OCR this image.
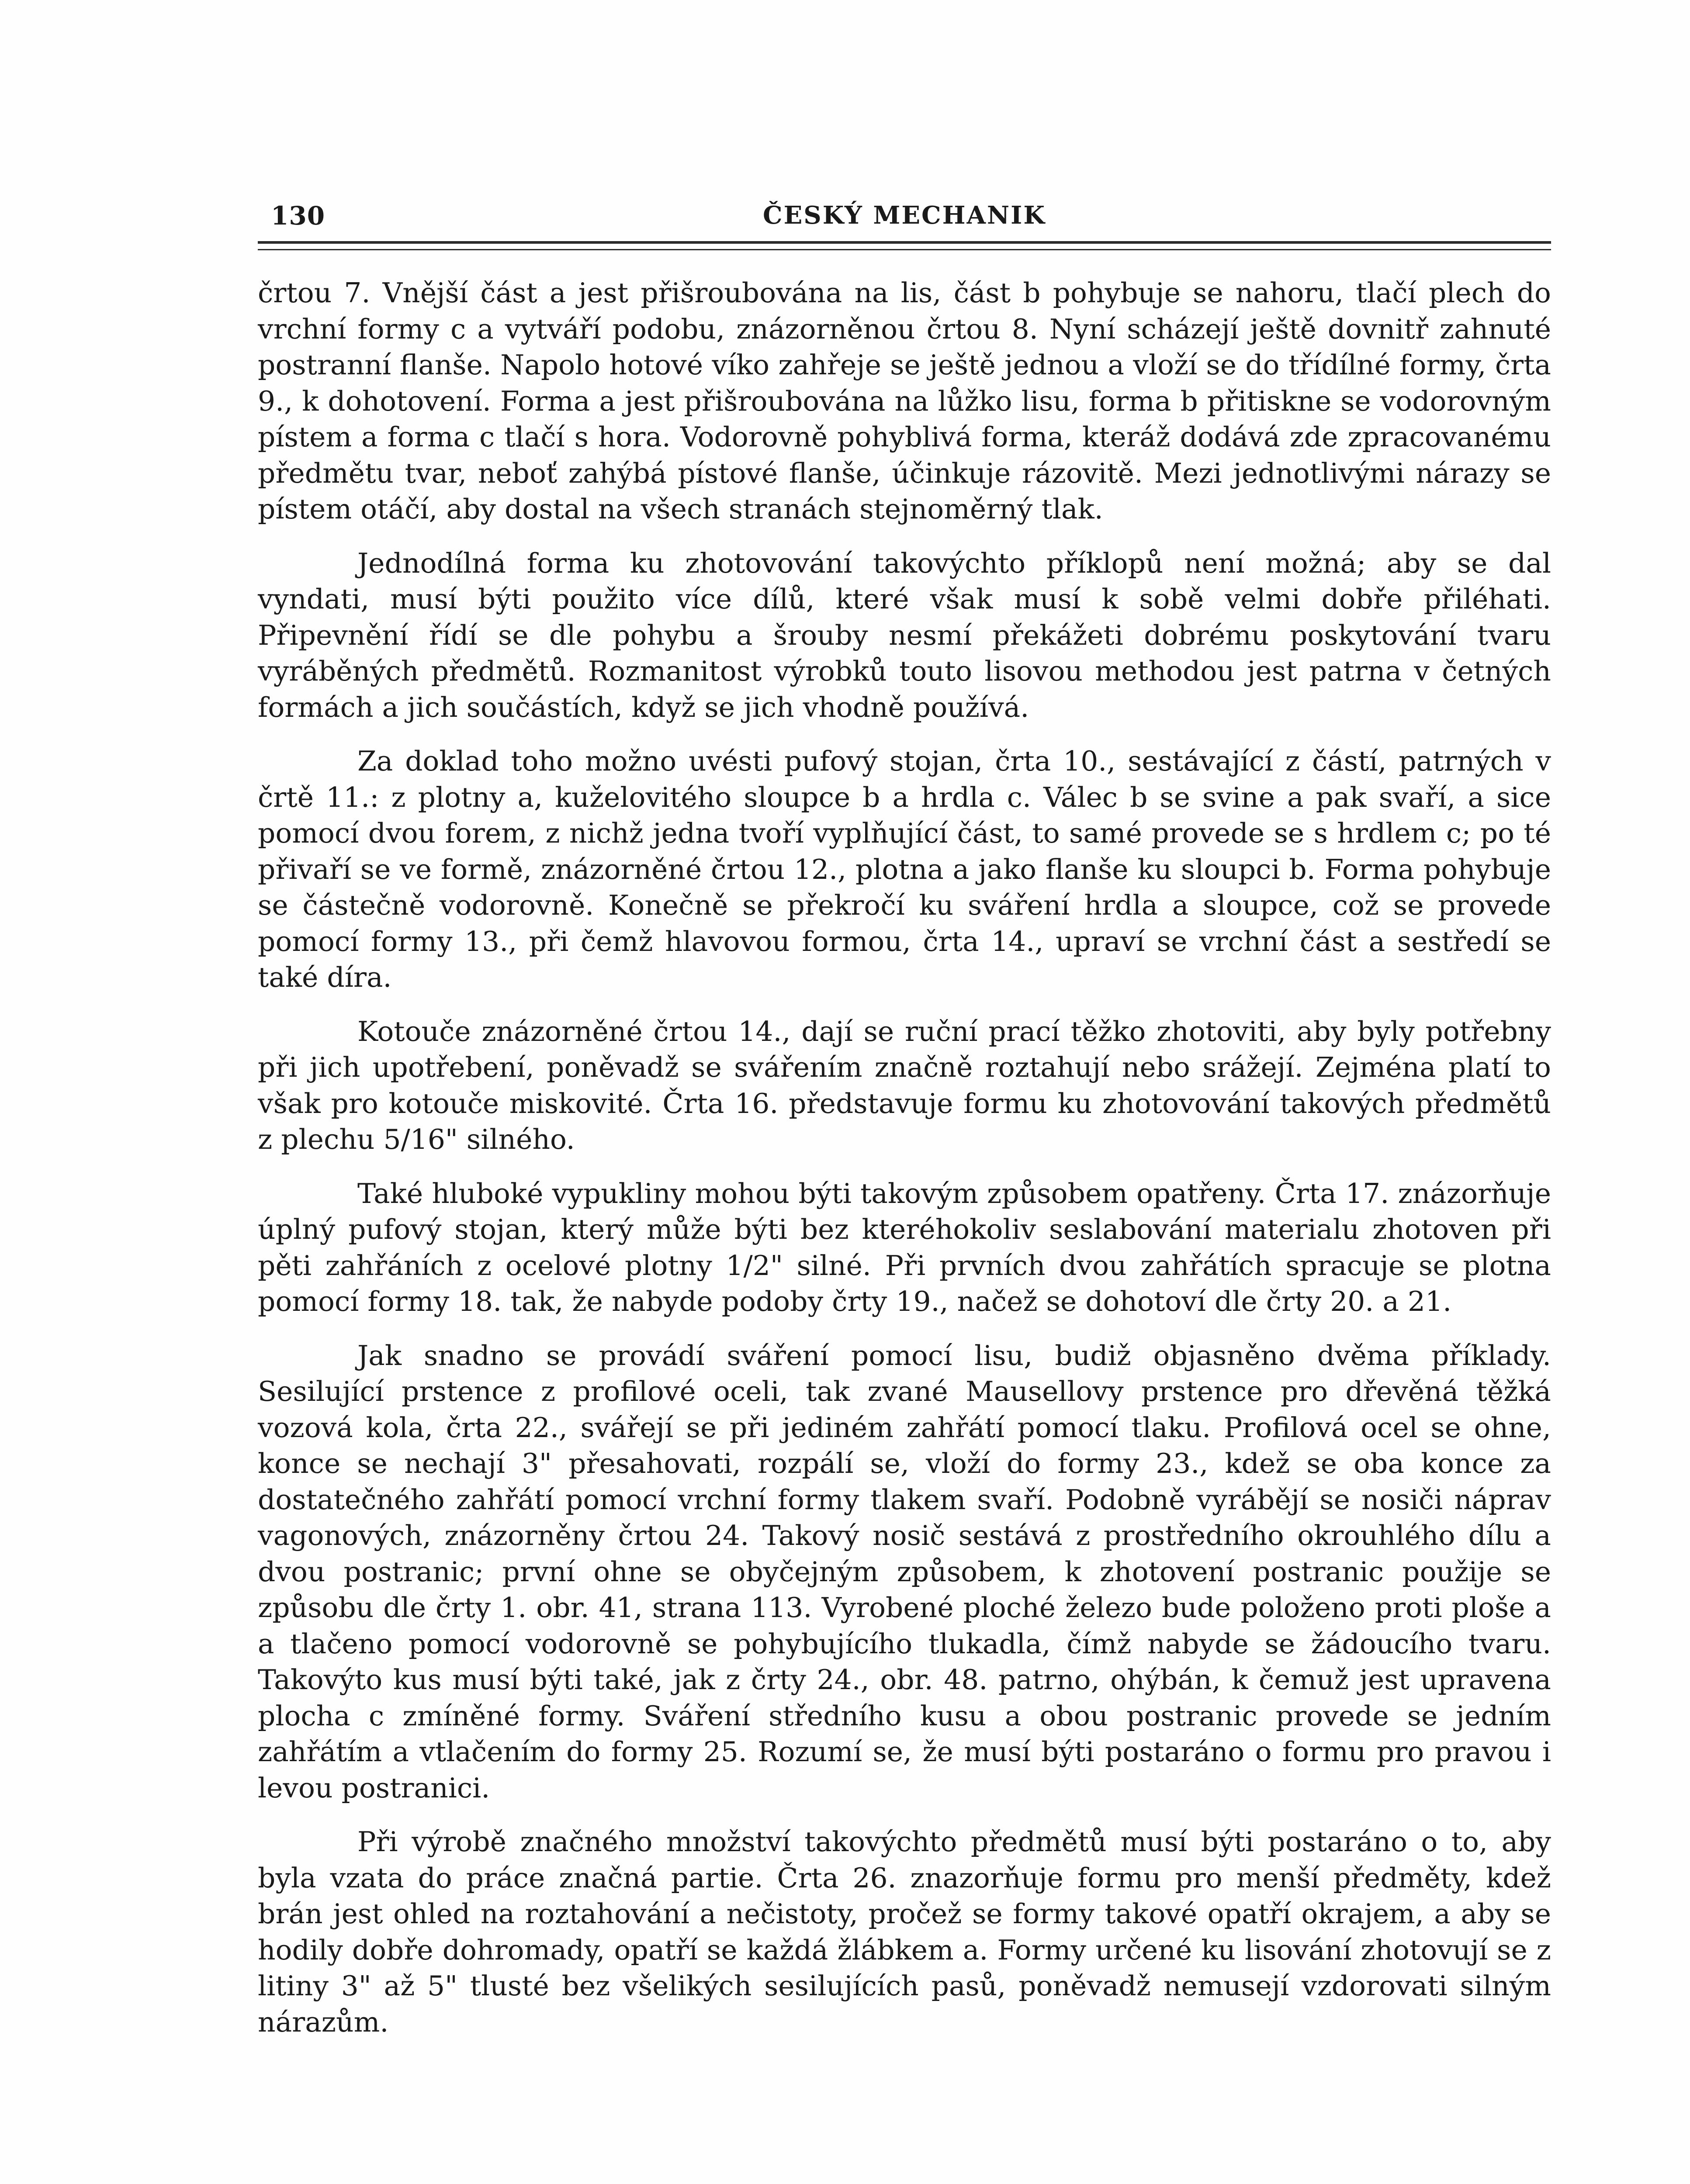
130	ČESKÝ MECHANIK

črtou 7. Vnější část a jest přišroubována na lis, část b pohybuje se nahoru, tlačí plech do vrchní formy c a vytváří podobu, znázorněnou črtou 8. Nyní scházejí ještě dovnitř zahnuté postranní flanše. Napolo hotové víko zahřeje se ještě jednou a vloží se do třídílné formy, črta 9., k dohotovení. Forma a jest přišroubována na lůžko lisu, forma b přitiskne se vodorovným pístem a forma c tlačí s hora. Vodorovně pohyblivá forma, kteráž dodává zde zpracovanému předmětu tvar, neboť zahýbá pístové flanše, účinkuje rázovitě. Mezi jednotlivými nárazy se pístem otáčí, aby dostal na všech stranách stejnoměrný tlak.

Jednodílná forma ku zhotovování takovýchto příklopů není možná; aby se dal vyndati, musí býti použito více dílů, které však musí k sobě velmi dobře přiléhati. Připevnění řídí se dle pohybu a šrouby nesmí překážeti dobrému poskytování tvaru vyráběných předmětů. Rozmanitost výrobků touto lisovou methodou jest patrna v četných formách a jich součástích, když se jich vhodně používá.

Za doklad toho možno uvésti pufový stojan, črta 10., sestávající z částí, patrných v črtě 11.: z plotny a, kuželovitého sloupce b a hrdla c. Válec b se svine a pak svaří, a sice pomocí dvou forem, z nichž jedna tvoří vyplňující část, to samé provede se s hrdlem c; po té přivaří se ve formě, znázorněné črtou 12., plotna a jako flanše ku sloupci b. Forma pohybuje se částečně vodorovně. Konečně se překročí ku sváření hrdla a sloupce, což se provede pomocí formy 13., při čemž hlavovou formou, črta 14., upraví se vrchní část a sestředí se také díra.

Kotouče znázorněné črtou 14., dají se ruční prací těžko zhotoviti, aby byly potřebny při jich upotřebení, poněvadž se svářením značně roztahují nebo srážejí. Zejména platí to však pro kotouče miskovité. Črta 16. představuje formu ku zhotovování takových předmětů z plechu 5/16" silného.

Také hluboké vypukliny mohou býti takovým způsobem opatřeny. Črta 17. znázorňuje úplný pufový stojan, který může býti bez kteréhokoliv seslabování materialu zhotoven při pěti zahřáních z ocelové plotny 1/2" silné. Při prvních dvou zahřátích spracuje se plotna pomocí formy 18. tak, že nabyde podoby črty 19., načež se dohotoví dle črty 20. a 21.

Jak snadno se provádí sváření pomocí lisu, budiž objasněno dvěma příklady. Sesilující prstence z profilové oceli, tak zvané Mausellovy prstence pro dřevěná těžká vozová kola, črta 22., svářejí se při jediném zahřátí pomocí tlaku. Profilová ocel se ohne, konce se nechají 3" přesahovati, rozpálí se, vloží do formy 23., kdež se oba konce za dostatečného zahřátí pomocí vrchní formy tlakem svaří. Podobně vyrábějí se nosiči náprav vagonových, znázorněny črtou 24. Takový nosič sestává z prostředního okrouhlého dílu a dvou postranic; první ohne se obyčejným způsobem, k zhotovení postranic použije se způsobu dle črty 1. obr. 41, strana 113. Vyrobené ploché železo bude položeno proti ploše a a tlačeno pomocí vodorovně se pohybujícího tlukadla, čímž nabyde se žádoucího tvaru. Takovýto kus musí býti také, jak z črty 24., obr. 48. patrno, ohýbán, k čemuž jest upravena plocha c zmíněné formy. Sváření středního kusu a obou postranic provede se jedním zahřátím a vtlačením do formy 25. Rozumí se, že musí býti postaráno o formu pro pravou i levou postranici.

Při výrobě značného množství takovýchto předmětů musí býti postaráno o to, aby byla vzata do práce značná partie. Črta 26. znazorňuje formu pro menší předměty, kdež brán jest ohled na roztahování a nečistoty, pročež se formy takové opatří okrajem, a aby se hodily dobře dohromady, opatří se každá žlábkem a. Formy určené ku lisování zhotovují se z litiny 3" až 5" tlusté bez všelikých sesilujících pasů, poněvadž nemusejí vzdorovati silným nárazům.
